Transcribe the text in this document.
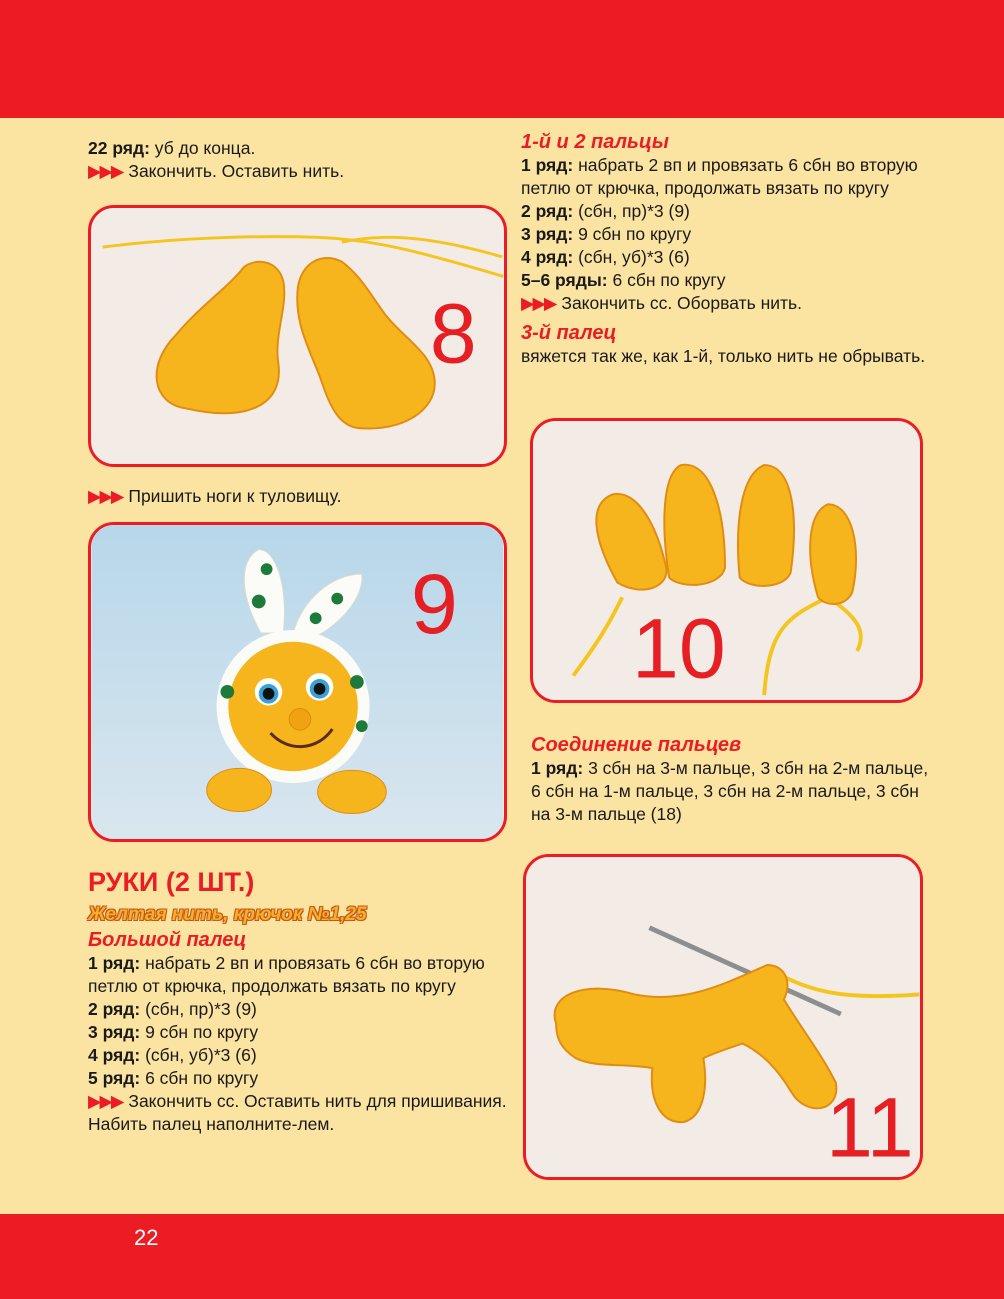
22 ряд: уб до конца.

▶▶▶ Закончить. Оставить нить.

8

▶▶▶ Пришить ноги к туловищу.

9

1-й и 2 пальцы

1 ряд: набрать 2 вп и провязать 6 сбн во вторую петлю от крючка, продолжать вязать по кругу

2 ряд: (сбн, пр)*3 (9)

3 ряд: 9 сбн по кругу

4 ряд: (сбн, уб)*3 (6)

5–6 ряды: 6 сбн по кругу

▶▶▶ Закончить сс. Оборвать нить.

3-й палец

вяжется так же, как 1-й, только нить не обрывать.

10

Соединение пальцев

1 ряд: 3 сбн на 3-м пальце, 3 сбн на 2-м пальце, 6 сбн на 1-м пальце, 3 сбн на 2-м пальце, 3 сбн на 3-м пальце (18)

РУКИ (2 ШТ.)

Желтая нить, крючок №1,25

Большой палец

1 ряд: набрать 2 вп и провязать 6 сбн во вторую петлю от крючка, продолжать вязать по кругу

2 ряд: (сбн, пр)*3 (9)

3 ряд: 9 сбн по кругу

4 ряд: (сбн, уб)*3 (6)

5 ряд: 6 сбн по кругу

▶▶▶ Закончить сс. Оставить нить для пришивания. Набить палец наполните-лем.	11
22
